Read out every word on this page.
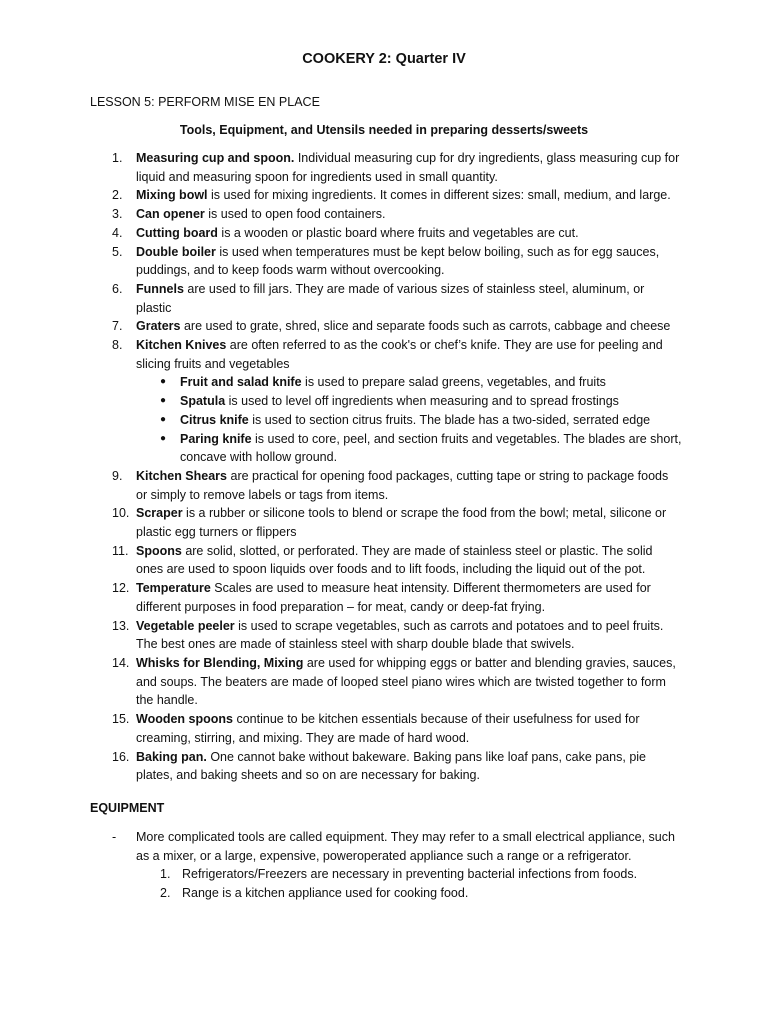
COOKERY 2: Quarter IV
LESSON 5: PERFORM MISE EN PLACE
Tools, Equipment, and Utensils needed in preparing desserts/sweets
1.	Measuring cup and spoon. Individual measuring cup for dry ingredients, glass measuring cup for liquid and measuring spoon for ingredients used in small quantity.
2.	Mixing bowl is used for mixing ingredients. It comes in different sizes: small, medium, and large.
3.	Can opener is used to open food containers.
4.	Cutting board is a wooden or plastic board where fruits and vegetables are cut.
5.	Double boiler is used when temperatures must be kept below boiling, such as for egg sauces, puddings, and to keep foods warm without overcooking.
6.	Funnels are used to fill jars. They are made of various sizes of stainless steel, aluminum, or plastic
7.	Graters are used to grate, shred, slice and separate foods such as carrots, cabbage and cheese
8.	Kitchen Knives are often referred to as the cook's or chef’s knife. They are use for peeling and slicing fruits and vegetables
●	Fruit and salad knife is used to prepare salad greens, vegetables, and fruits
●	Spatula is used to level off ingredients when measuring and to spread frostings
●	Citrus knife is used to section citrus fruits. The blade has a two-sided, serrated edge
●	Paring knife is used to core, peel, and section fruits and vegetables. The blades are short, concave with hollow ground.
9.	Kitchen Shears are practical for opening food packages, cutting tape or string to package foods or simply to remove labels or tags from items.
10. Scraper is a rubber or silicone tools to blend or scrape the food from the bowl; metal, silicone or plastic egg turners or flippers
11. Spoons are solid, slotted, or perforated. They are made of stainless steel or plastic. The solid ones are used to spoon liquids over foods and to lift foods, including the liquid out of the pot.
12. Temperature Scales are used to measure heat intensity. Different thermometers are used for different purposes in food preparation – for meat, candy or deep-fat frying.
13. Vegetable peeler is used to scrape vegetables, such as carrots and potatoes and to peel fruits. The best ones are made of stainless steel with sharp double blade that swivels.
14. Whisks for Blending, Mixing are used for whipping eggs or batter and blending gravies, sauces, and soups. The beaters are made of looped steel piano wires which are twisted together to form the handle.
15. Wooden spoons continue to be kitchen essentials because of their usefulness for used for creaming, stirring, and mixing. They are made of hard wood.
16. Baking pan. One cannot bake without bakeware. Baking pans like loaf pans, cake pans, pie plates, and baking sheets and so on are necessary for baking.
EQUIPMENT
- More complicated tools are called equipment. They may refer to a small electrical appliance, such as a mixer, or a large, expensive, poweroperated appliance such a range or a refrigerator.
1. Refrigerators/Freezers are necessary in preventing bacterial infections from foods.
2. Range is a kitchen appliance used for cooking food.
